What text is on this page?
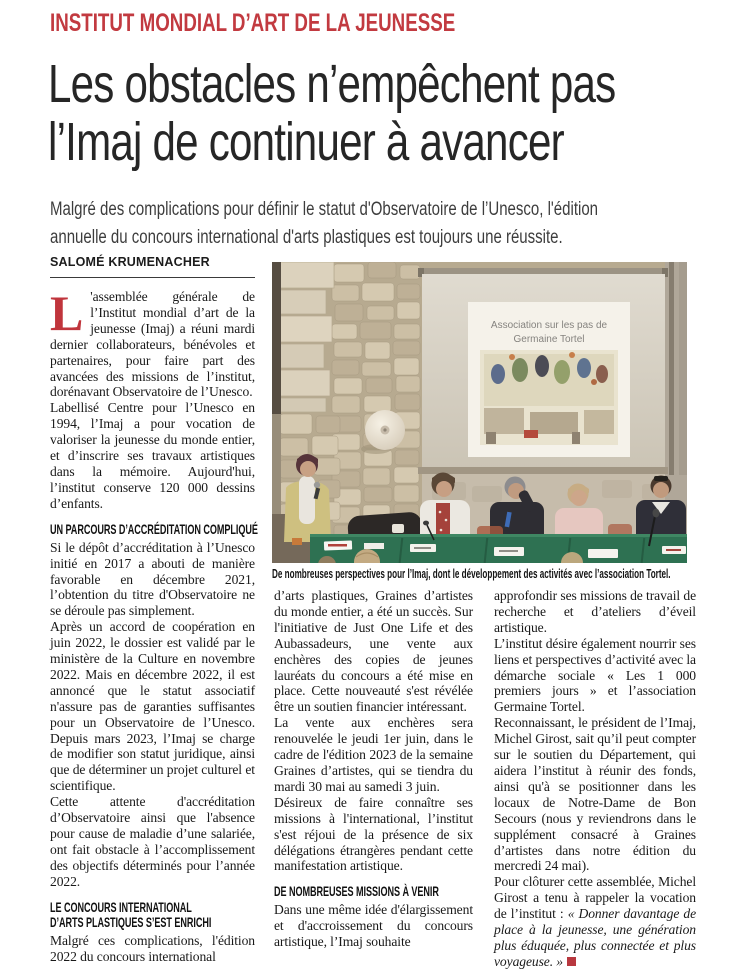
INSTITUT MONDIAL D’ART DE LA JEUNESSE
Les obstacles n’empêchent pas
l’Imaj de continuer à avancer
Malgré des complications pour définir le statut d'Observatoire de l’Unesco, l'édition
annuelle du concours international d'arts plastiques est toujours une réussite.
SALOMÉ KRUMENACHER

L 'assemblée générale de l’Institut mondial d’art de la jeunesse (Imaj) a réuni mardi dernier collaborateurs, bénévoles et partenaires, pour faire part des avancées des missions de l’institut, dorénavant Observatoire de l’Unesco.

Labellisé Centre pour l’Unesco en 1994, l’Imaj a pour vocation de valoriser la jeunesse du monde entier, et d’inscrire ses travaux artistiques dans la mémoire. Aujourd'hui, l’institut conserve 120 000 dessins d’enfants.

UN PARCOURS D’ACCRÉDITATION COMPLIQUÉ

Si le dépôt d’accréditation à l’Unesco initié en 2017 a abouti de manière favorable en décembre 2021, l’obtention du titre d'Observatoire ne se déroule pas simplement.

Après un accord de coopération en juin 2022, le dossier est validé par le ministère de la Culture en novembre 2022. Mais en décembre 2022, il est annoncé que le statut associatif n'assure pas de garanties suffisantes pour un Observatoire de l’Unesco. Depuis mars 2023, l’Imaj se charge de modifier son statut juridique, ainsi que de déterminer un projet culturel et scientifique.

Cette attente d'accréditation d’Observatoire ainsi que l'absence pour cause de maladie d’une salariée, ont fait obstacle à l’accomplissement des objectifs déterminés pour l’année 2022.

LE CONCOURS INTERNATIONAL
D’ARTS PLASTIQUES S’EST ENRICHI

Malgré ces complications, l'édition 2022 du concours international

Association sur les pas de
Germaine Tortel
De nombreuses perspectives pour l’Imaj, dont le développement des activités avec l’association Tortel.

d’arts plastiques, Graines d’artistes du monde entier, a été un succès. Sur l'initiative de Just One Life et des Aubassadeurs, une vente aux enchères des copies de jeunes lauréats du concours a été mise en place. Cette nouveauté s'est révélée être un soutien financier intéressant.

La vente aux enchères sera renouvelée le jeudi 1er juin, dans le cadre de l'édition 2023 de la semaine Graines d’artistes, qui se tiendra du mardi 30 mai au samedi 3 juin.

Désireux de faire connaître ses missions à l'international, l’institut s'est réjoui de la présence de six délégations étrangères pendant cette manifestation artistique.

DE NOMBREUSES MISSIONS À VENIR

Dans une même idée d'élargissement et d'accroissement du concours artistique, l’Imaj souhaite

approfondir ses missions de travail de recherche et d’ateliers d’éveil artistique.

L’institut désire également nourrir ses liens et perspectives d’activité avec la démarche sociale « Les 1 000 premiers jours » et l’association Germaine Tortel.

Reconnaissant, le président de l’Imaj, Michel Girost, sait qu’il peut compter sur le soutien du Département, qui aidera l’institut à réunir des fonds, ainsi qu'à se positionner dans les locaux de Notre-Dame de Bon Secours (nous y reviendrons dans le supplément consacré à Graines d’artistes dans notre édition du mercredi 24 mai).

Pour clôturer cette assemblée, Michel Girost a tenu à rappeler la vocation de l’institut : « Donner davantage de place à la jeunesse, une génération plus éduquée, plus connectée et plus voyageuse. »
